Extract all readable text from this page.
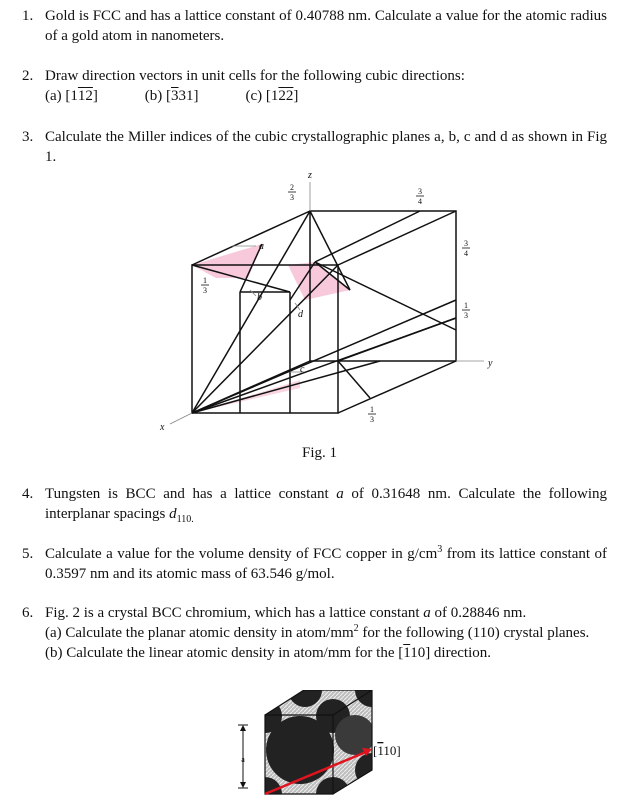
1. Gold is FCC and has a lattice constant of 0.40788 nm. Calculate a value for the atomic radius of a gold atom in nanometers.
2. Draw direction vectors in unit cells for the following cubic directions:
(a) [112]	(b) [331]	(c) [122]
3. Calculate the Miller indices of the cubic crystallographic planes a, b, c and d as shown in Fig 1.
z
y
x
a
b
c
d
2
3
3
4
3
4
1
3
1
3
1
3
Fig. 1
4. Tungsten is BCC and has a lattice constant a of 0.31648 nm. Calculate the following interplanar spacings $d_{110.}$
5. Calculate a value for the volume density of FCC copper in $g/cm^3$ from its lattice constant of 0.3597 nm and its atomic mass of 63.546 g/mol.
6. Fig. 2 is a crystal BCC chromium, which has a lattice constant a of 0.28846 nm.
(a) Calculate the planar atomic density in atom/$mm^2$ for the following (110) crystal planes.
(b) Calculate the linear atomic density in atom/mm for the [110] direction.
a
[110]
